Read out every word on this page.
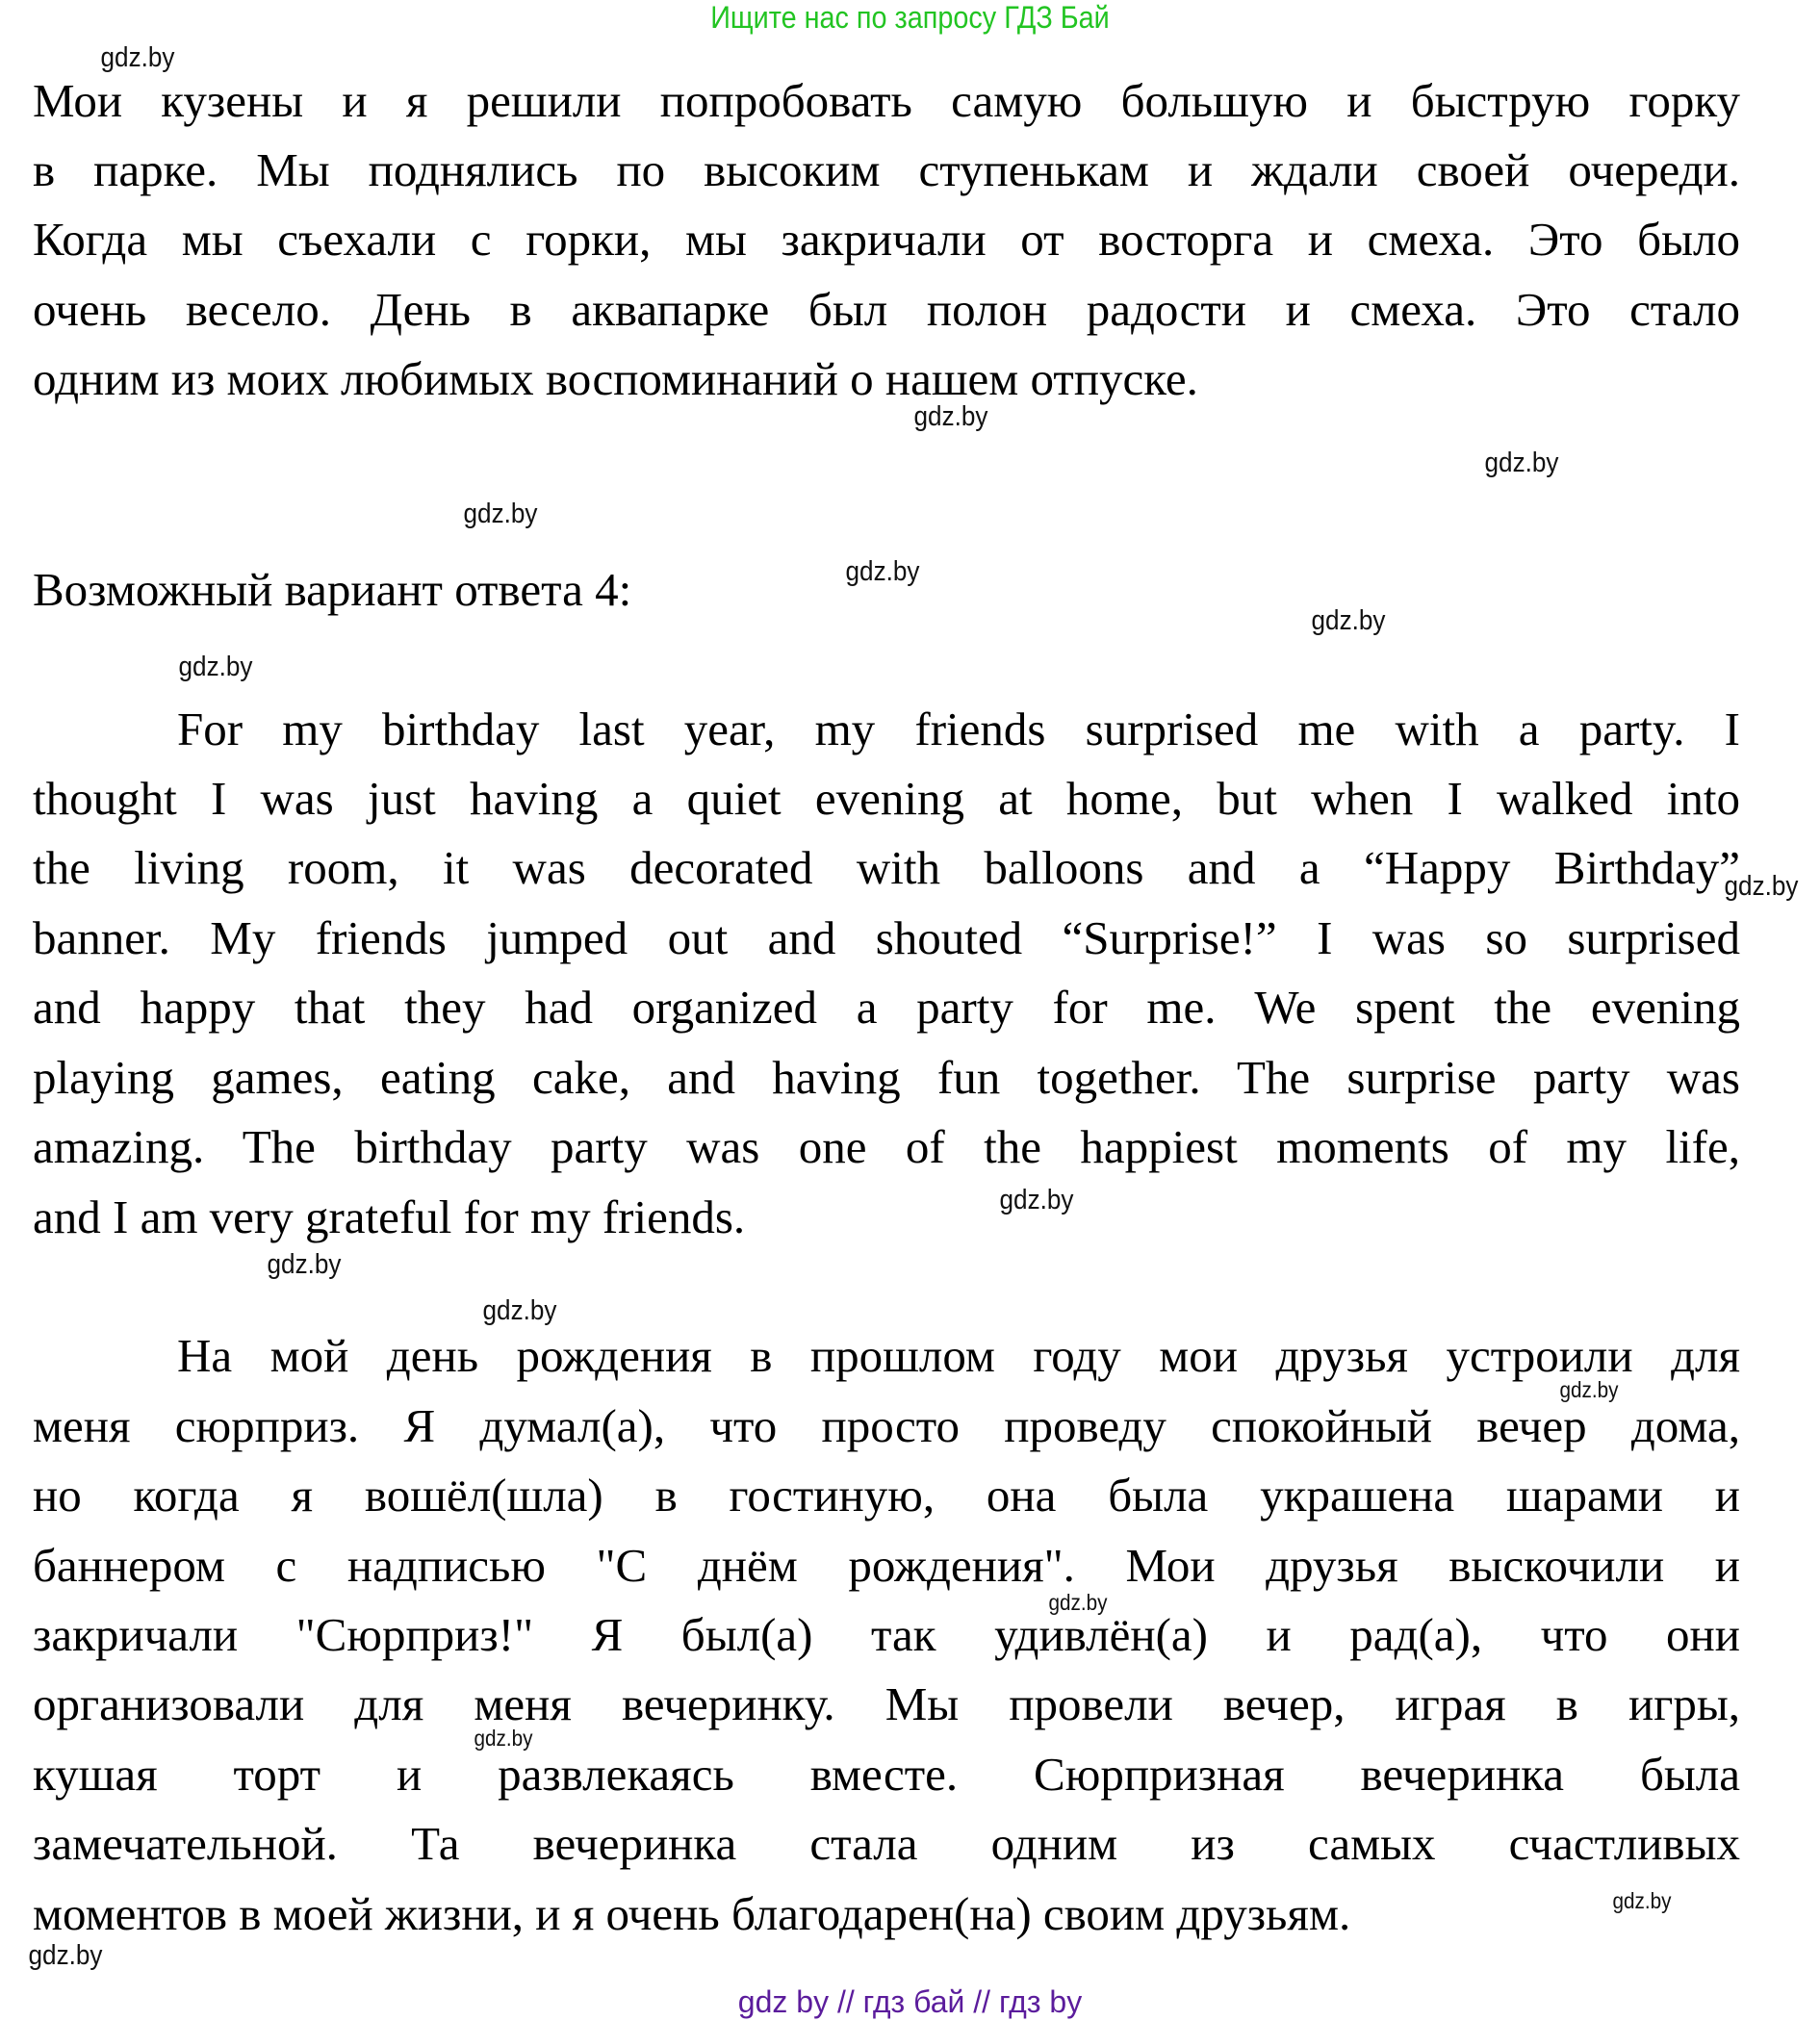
Ищите нас по запросу ГДЗ Бай
Мои кузены и я решили попробовать самую большую и быструю горку
в парке. Мы поднялись по высоким ступенькам и ждали своей очереди.
Когда мы съехали с горки, мы закричали от восторга и смеха. Это было
очень весело. День в аквапарке был полон радости и смеха. Это стало
одним из моих любимых воспоминаний о нашем отпуске.
Возможный вариант ответа 4:
For my birthday last year, my friends surprised me with a party. I
thought I was just having a quiet evening at home, but when I walked into
the living room, it was decorated with balloons and a “Happy Birthday”
banner. My friends jumped out and shouted “Surprise!” I was so surprised
and happy that they had organized a party for me. We spent the evening
playing games, eating cake, and having fun together. The surprise party was
amazing. The birthday party was one of the happiest moments of my life,
and I am very grateful for my friends.
На мой день рождения в прошлом году мои друзья устроили для
меня сюрприз. Я думал(а), что просто проведу спокойный вечер дома,
но когда я вошёл(шла) в гостиную, она была украшена шарами и
баннером с надписью "С днём рождения". Мои друзья выскочили и
закричали "Сюрприз!" Я был(а) так удивлён(а) и рад(а), что они
организовали для меня вечеринку. Мы провели вечер, играя в игры,
кушая торт и развлекаясь вместе. Сюрпризная вечеринка была
замечательной. Та вечеринка стала одним из самых счастливых
моментов в моей жизни, и я очень благодарен(на) своим друзьям.
gdz.by
gdz.by
gdz.by
gdz.by
gdz.by
gdz.by
gdz.by
gdz.by
gdz.by
gdz.by
gdz.by
gdz.by
gdz.by
gdz.by
gdz.by
gdz.by
gdz by // гдз бай // гдз by
